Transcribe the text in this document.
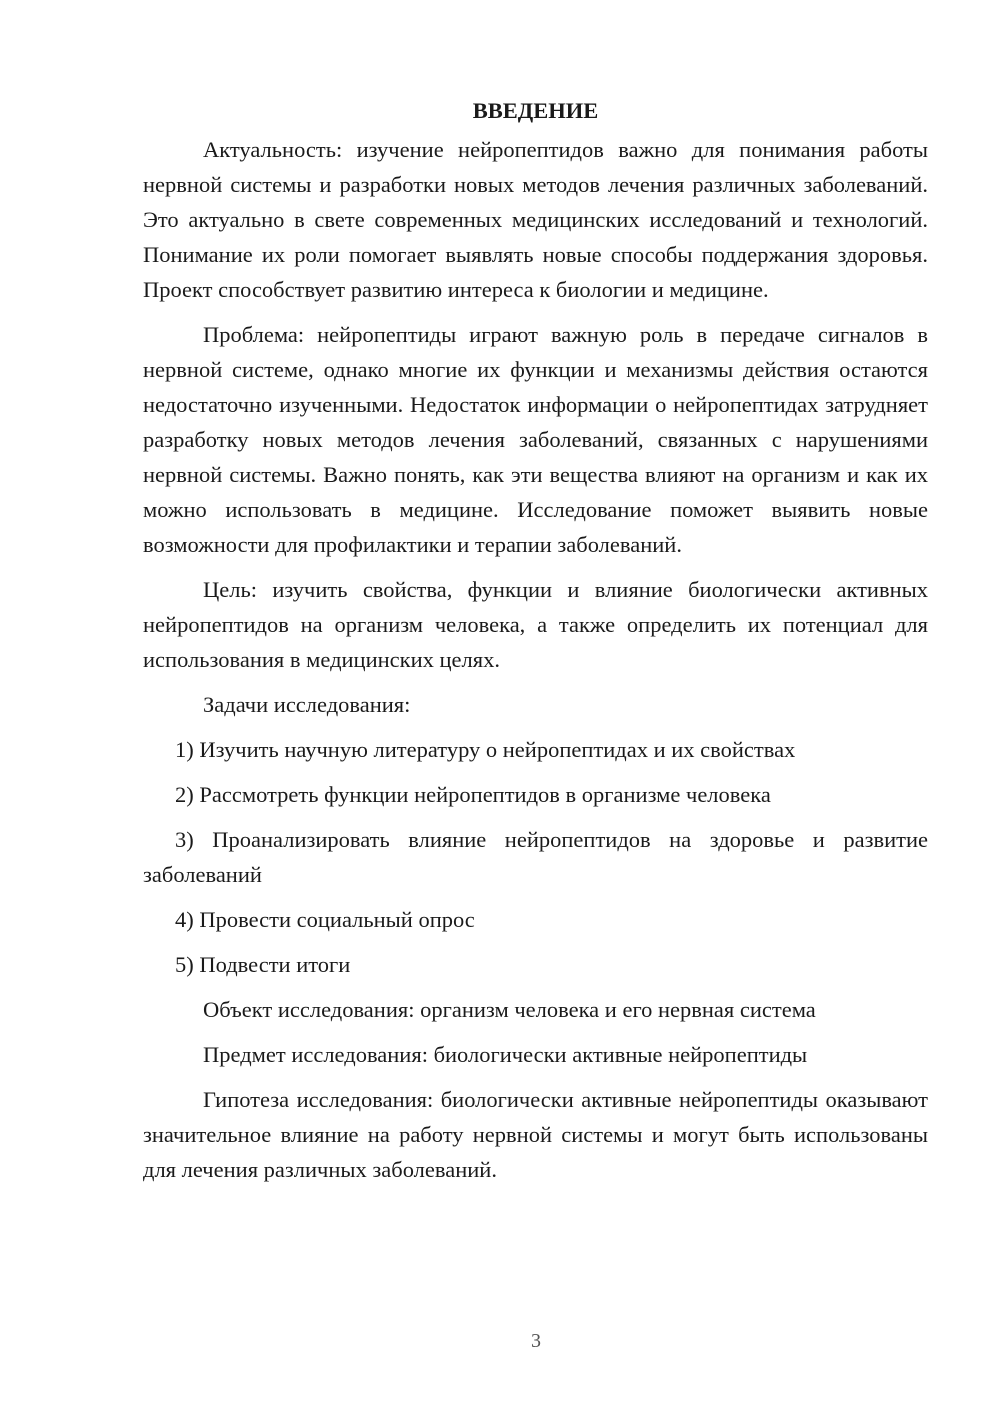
ВВЕДЕНИЕ

Актуальность: изучение нейропептидов важно для понимания работы нервной системы и разработки новых методов лечения различных заболеваний. Это актуально в свете современных медицинских исследований и технологий. Понимание их роли помогает выявлять новые способы поддержания здоровья. Проект способствует развитию интереса к биологии и медицине.

Проблема: нейропептиды играют важную роль в передаче сигналов в нервной системе, однако многие их функции и механизмы действия остаются недостаточно изученными. Недостаток информации о нейропептидах затрудняет разработку новых методов лечения заболеваний, связанных с нарушениями нервной системы. Важно понять, как эти вещества влияют на организм и как их можно использовать в медицине. Исследование поможет выявить новые возможности для профилактики и терапии заболеваний.

Цель: изучить свойства, функции и влияние биологически активных нейропептидов на организм человека, а также определить их потенциал для использования в медицинских целях.

Задачи исследования:

1) Изучить научную литературу о нейропептидах и их свойствах

2) Рассмотреть функции нейропептидов в организме человека

3) Проанализировать влияние нейропептидов на здоровье и развитие заболеваний

4) Провести социальный опрос

5) Подвести итоги

Объект исследования: организм человека и его нервная система

Предмет исследования: биологически активные нейропептиды

Гипотеза исследования: биологически активные нейропептиды оказывают значительное влияние на работу нервной системы и могут быть использованы для лечения различных заболеваний.

3
